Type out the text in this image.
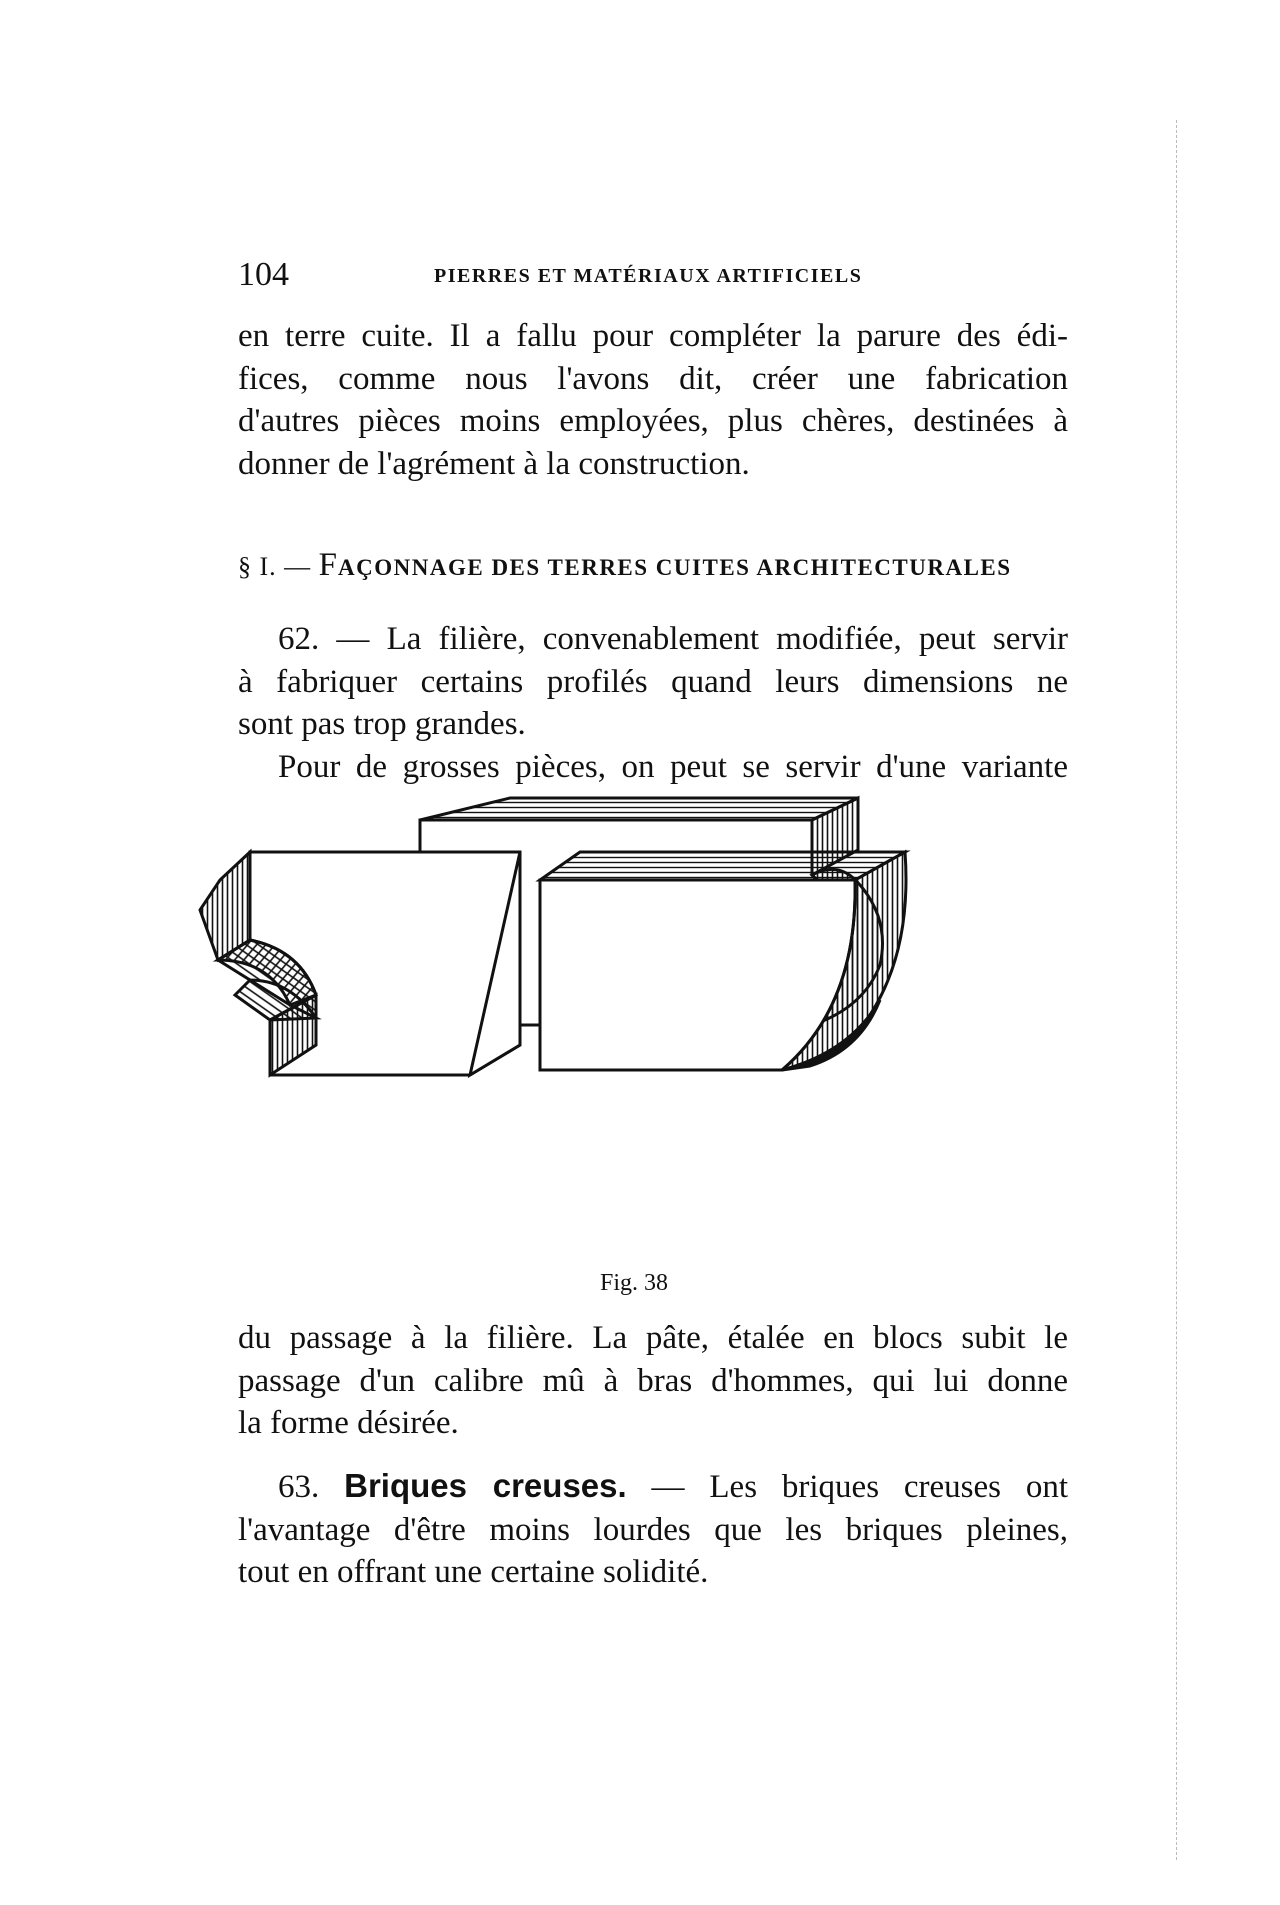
104	PIERRES ET MATÉRIAUX ARTIFICIELS
en terre cuite. Il a fallu pour compléter la parure des édi-
fices, comme nous l'avons dit, créer une fabrication
d'autres pièces moins employées, plus chères, destinées à
donner de l'agrément à la construction.
§ I. — FAÇONNAGE DES TERRES CUITES ARCHITECTURALES
62. — La filière, convenablement modifiée, peut servir
à fabriquer certains profilés quand leurs dimensions ne
sont pas trop grandes.
Pour de grosses pièces, on peut se servir d'une variante
Fig. 38
du passage à la filière. La pâte, étalée en blocs subit le
passage d'un calibre mû à bras d'hommes, qui lui donne
la forme désirée.
63. Briques creuses. — Les briques creuses ont
l'avantage d'être moins lourdes que les briques pleines,
tout en offrant une certaine solidité.
